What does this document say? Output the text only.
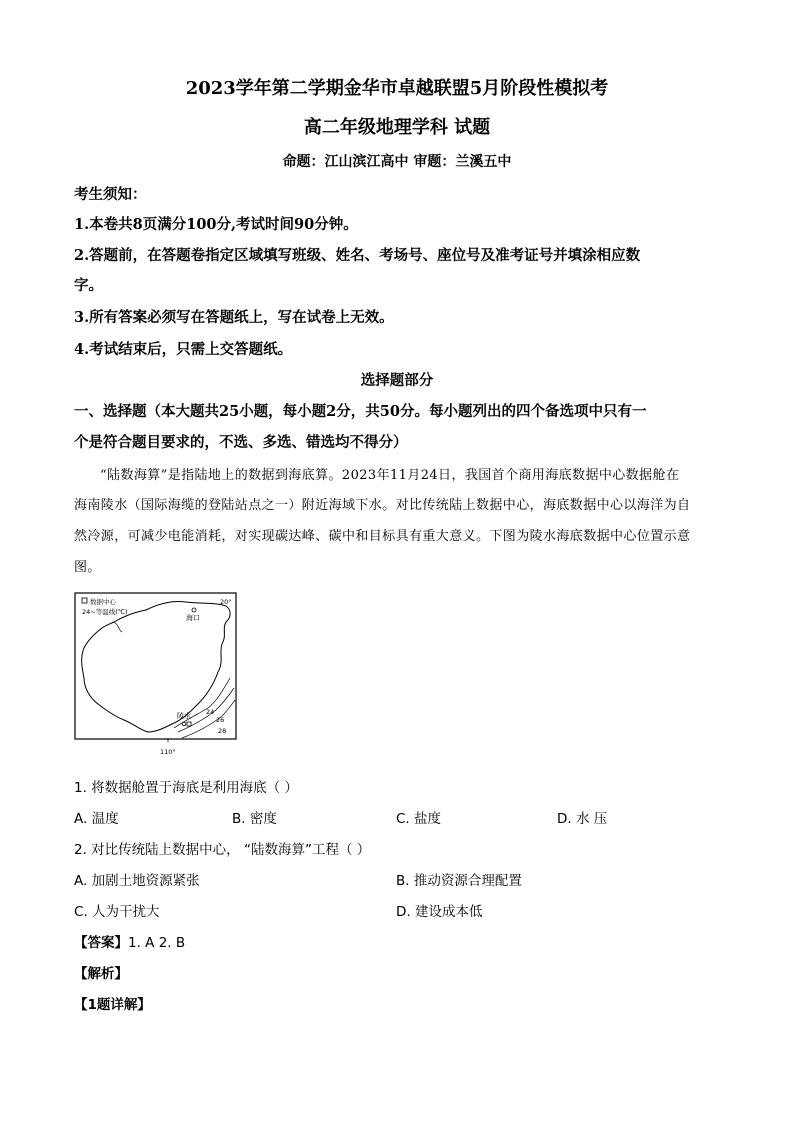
2023学年第二学期金华市卓越联盟5月阶段性模拟考
高二年级地理学科 试题
命题：江山滨江高中 审题：兰溪五中
考生须知：
1.本卷共8页满分100分,考试时间90分钟。
2.答题前，在答题卷指定区域填写班级、姓名、考场号、座位号及准考证号并填涂相应数
字。
3.所有答案必须写在答题纸上，写在试卷上无效。
4.考试结束后，只需上交答题纸。
选择题部分
一、选择题（本大题共25小题，每小题2分，共50分。每小题列出的四个备选项中只有一
个是符合题目要求的，不选、多选、错选均不得分）
“陆数海算”是指陆地上的数据到海底算。2023年11月24日，我国首个商用海底数据中心数据舱在
海南陵水（国际海缆的登陆站点之一）附近海域下水。对比传统陆上数据中心，海底数据中心以海洋为自
然冷源，可减少电能消耗，对实现碳达峰、碳中和目标具有重大意义。下图为陵水海底数据中心位置示意
图。
数据中心
24~等温线(℃)
20°
110°
海口
24
26
28
陵水
1. 将数据舱置于海底是利用海底（ ）
A. 温度	B. 密度	C. 盐度	D. 水 压
2. 对比传统陆上数据中心， “陆数海算”工程（ ）
A. 加剧土地资源紧张	B. 推动资源合理配置
C. 人为干扰大	D. 建设成本低
【答案】1. A 2. B
【解析】
【1题详解】
